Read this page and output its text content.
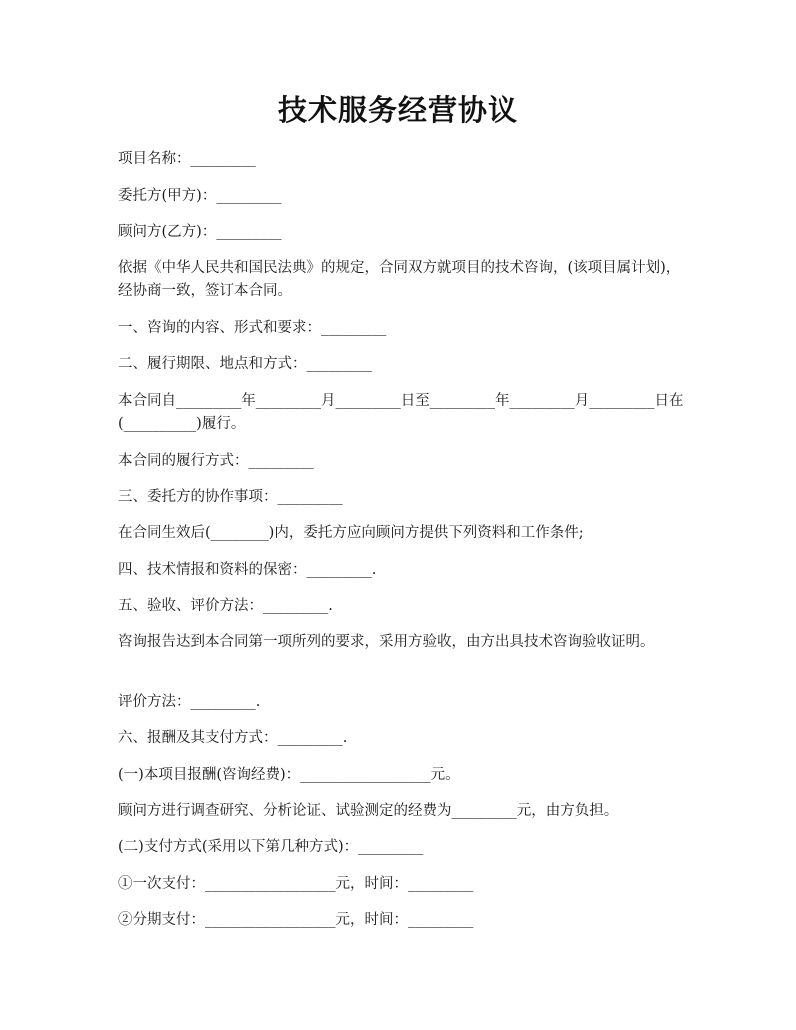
技术服务经营协议
项目名称：_________
委托方(甲方)：_________
顾问方(乙方)：_________
依据《中华人民共和国民法典》的规定，合同双方就项目的技术咨询，(该项目属计划)，经协商一致，签订本合同。
一、咨询的内容、形式和要求：_________
二、履行期限、地点和方式：_________
本合同自_________年_________月_________日至_________年_________月_________日在(__________)履行。
本合同的履行方式：_________
三、委托方的协作事项：_________
在合同生效后(________)内，委托方应向顾问方提供下列资料和工作条件;
四、技术情报和资料的保密：_________.
五、验收、评价方法：_________.
咨询报告达到本合同第一项所列的要求，采用方验收，由方出具技术咨询验收证明。
评价方法：_________.
六、报酬及其支付方式：_________.
(一)本项目报酬(咨询经费)：__________________元。
顾问方进行调查研究、分析论证、试验测定的经费为_________元，由方负担。
(二)支付方式(采用以下第几种方式)：_________
①一次支付：__________________元，时间：_________
②分期支付：__________________元，时间：_________
